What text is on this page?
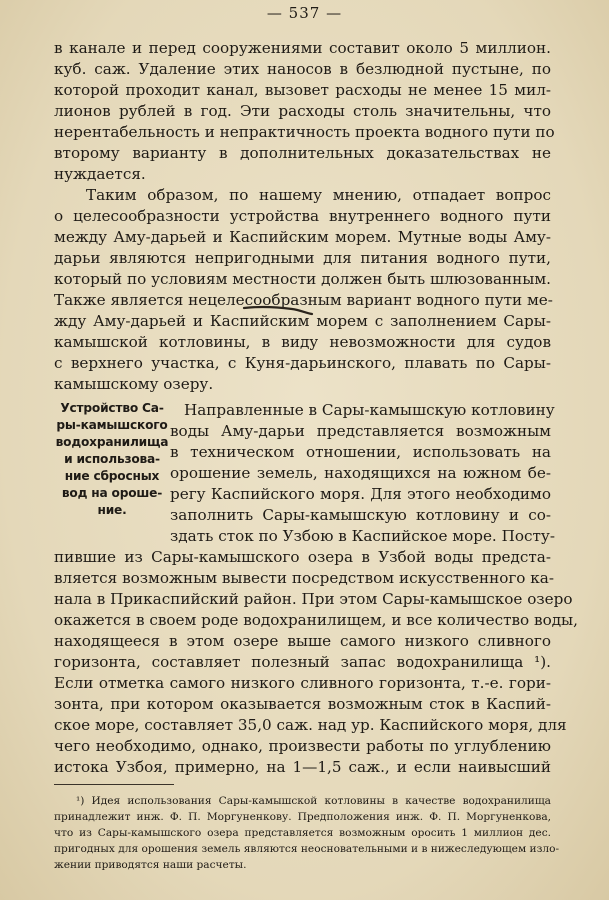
— 537 —
в канале и перед сооружениями составит около 5 миллион.
куб. саж. Удаление этих наносов в безлюдной пустыне, по
которой проходит канал, вызовет расходы не менее 15 мил-
лионов рублей в год. Эти расходы столь значительны, что
нерентабельность и непрактичность проекта водного пути по
второму варианту в дополнительных доказательствах не
нуждается.
Таким образом, по нашему мнению, отпадает вопрос
о целесообразности устройства внутреннего водного пути
между Аму-дарьей и Каспийским морем. Мутные воды Аму-
дарьи являются непригодными для питания водного пути,
который по условиям местности должен быть шлюзованным.
Также является нецелесообразным вариант водного пути ме-
жду Аму-дарьей и Каспийским морем с заполнением Сары-
камышской котловины, в виду невозможности для судов
с верхнего участка, с Куня-дарьинского, плавать по Сары-
камышскому озеру.
Устройство Са-
ры-камышского
водохранилища
и использова-
ние сбросных
вод на ороше-
ние.
Направленные в Сары-камышскую котловину
воды Аму-дарьи представляется возможным
в техническом отношении, использовать на
орошение земель, находящихся на южном бе-
регу Каспийского моря. Для этого необходимо
заполнить Сары-камышскую котловину и со-
здать сток по Узбою в Каспийское море. Посту-
пившие из Сары-камышского озера в Узбой воды предста-
вляется возможным вывести посредством искусственного ка-
нала в Прикаспийский район. При этом Сары-камышское озеро
окажется в своем роде водохранилищем, и все количество воды,
находящееся в этом озере выше самого низкого сливного
горизонта, составляет полезный запас водохранилища ¹).
Если отметка самого низкого сливного горизонта, т.-е. гори-
зонта, при котором оказывается возможным сток в Каспий-
ское море, составляет 35,0 саж. над ур. Каспийского моря, для
чего необходимо, однако, произвести работы по углублению
истока Узбоя, примерно, на 1—1,5 саж., и если наивысший
¹) Идея использования Сары-камышской котловины в качестве водохранилища
принадлежит инж. Ф. П. Моргуненкову. Предположения инж. Ф. П. Моргуненкова,
что из Сары-камышского озера представляется возможным оросить 1 миллион дес.
пригодных для орошения земель являются неосновательными и в нижеследующем изло-
жении приводятся наши расчеты.
